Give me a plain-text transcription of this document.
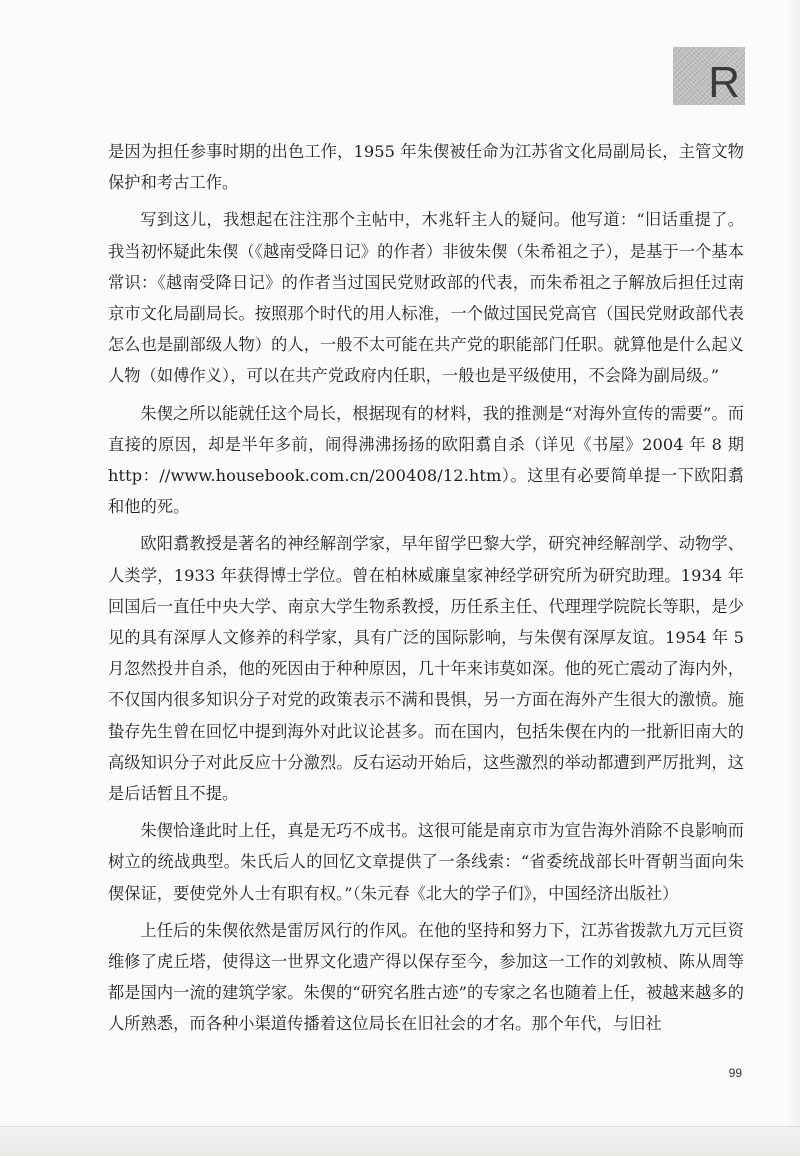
R

是因为担任参事时期的出色工作，1955 年朱偰被任命为江苏省文化局副局长，主管文物保护和考古工作。

写到这儿，我想起在注注那个主帖中，木兆轩主人的疑问。他写道：“旧话重提了。我当初怀疑此朱偰（《越南受降日记》的作者）非彼朱偰（朱希祖之子），是基于一个基本常识：《越南受降日记》的作者当过国民党财政部的代表，而朱希祖之子解放后担任过南京市文化局副局长。按照那个时代的用人标准，一个做过国民党高官（国民党财政部代表怎么也是副部级人物）的人，一般不太可能在共产党的职能部门任职。就算他是什么起义人物（如傅作义），可以在共产党政府内任职，一般也是平级使用，不会降为副局级。”

朱偰之所以能就任这个局长，根据现有的材料，我的推测是“对海外宣传的需要”。而直接的原因，却是半年多前，闹得沸沸扬扬的欧阳翥自杀（详见《书屋》2004 年 8 期 http：//www.housebook.com.cn/200408/12.htm）。这里有必要简单提一下欧阳翥和他的死。

欧阳翥教授是著名的神经解剖学家，早年留学巴黎大学，研究神经解剖学、动物学、人类学，1933 年获得博士学位。曾在柏林威廉皇家神经学研究所为研究助理。1934 年回国后一直任中央大学、南京大学生物系教授，历任系主任、代理理学院院长等职，是少见的具有深厚人文修养的科学家，具有广泛的国际影响，与朱偰有深厚友谊。1954 年 5 月忽然投井自杀，他的死因由于种种原因，几十年来讳莫如深。他的死亡震动了海内外，不仅国内很多知识分子对党的政策表示不满和畏惧，另一方面在海外产生很大的激愤。施蛰存先生曾在回忆中提到海外对此议论甚多。而在国内，包括朱偰在内的一批新旧南大的高级知识分子对此反应十分激烈。反右运动开始后，这些激烈的举动都遭到严厉批判，这是后话暂且不提。

朱偰恰逢此时上任，真是无巧不成书。这很可能是南京市为宣告海外消除不良影响而树立的统战典型。朱氏后人的回忆文章提供了一条线索：“省委统战部长叶胥朝当面向朱偰保证，要使党外人士有职有权。”（朱元春《北大的学子们》，中国经济出版社）

上任后的朱偰依然是雷厉风行的作风。在他的坚持和努力下，江苏省拨款九万元巨资维修了虎丘塔，使得这一世界文化遗产得以保存至今，参加这一工作的刘敦桢、陈从周等都是国内一流的建筑学家。朱偰的“研究名胜古迹”的专家之名也随着上任，被越来越多的人所熟悉，而各种小渠道传播着这位局长在旧社会的才名。那个年代，与旧社

99
